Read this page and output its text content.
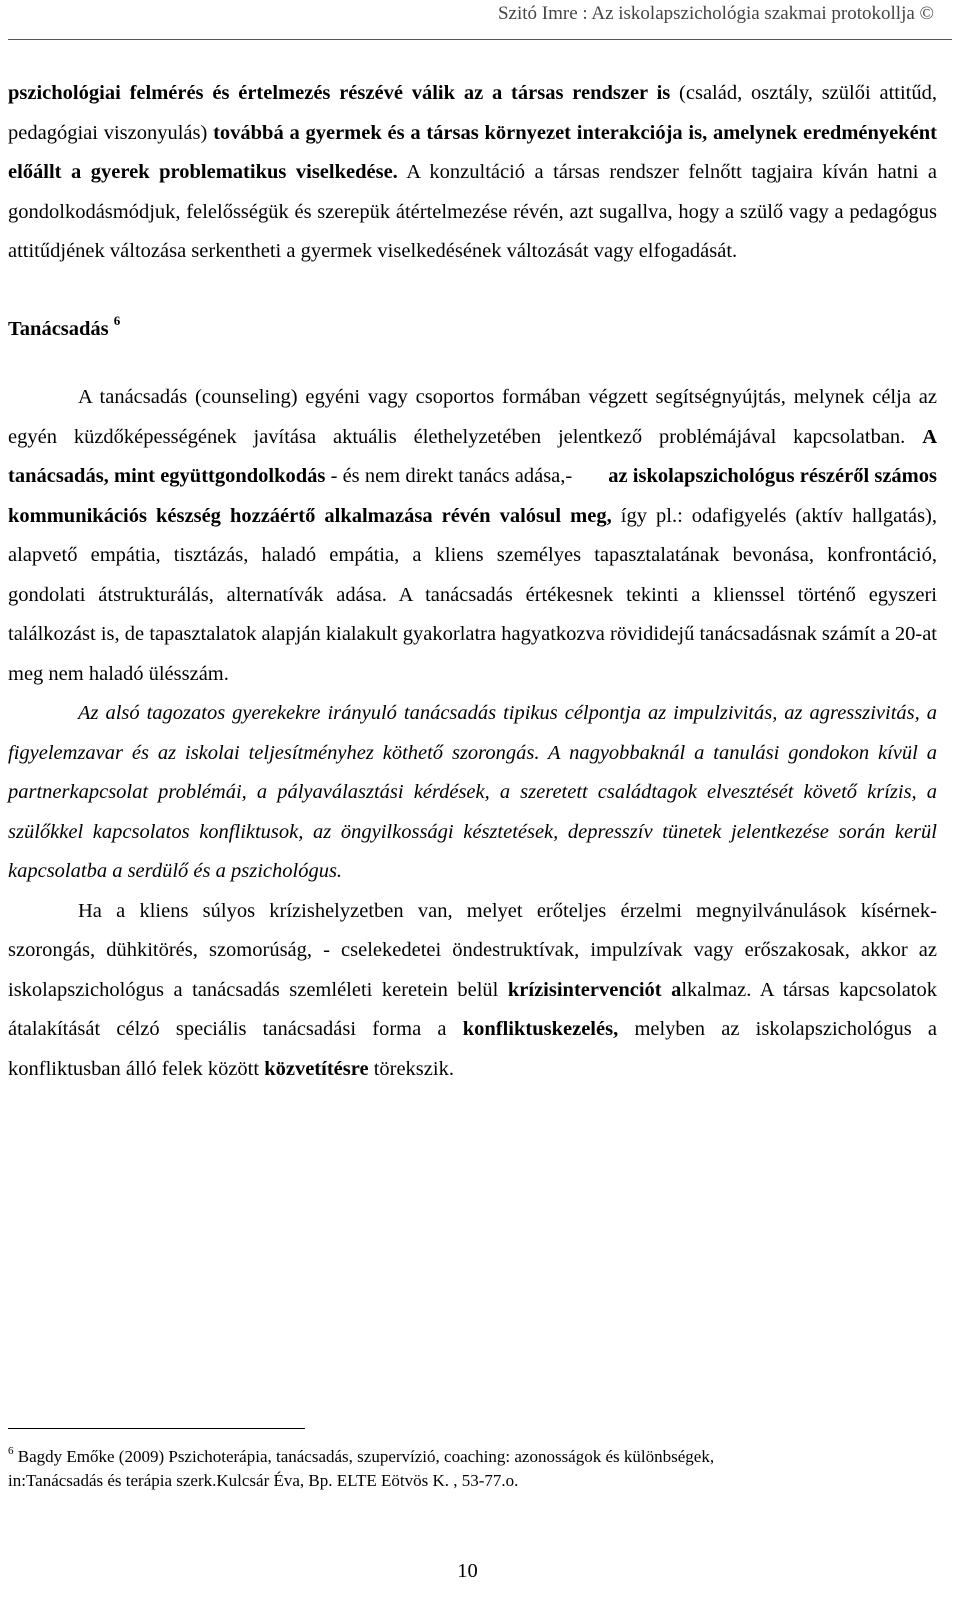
Szitó Imre : Az iskolapszichológia szakmai protokollja ©

pszichológiai felmérés és értelmezés részévé válik az a társas rendszer is (család, osztály, szülői attitűd, pedagógiai viszonyulás) továbbá a gyermek és a társas környezet interakciója is, amelynek eredményeként előállt a gyerek problematikus viselkedése. A konzultáció a társas rendszer felnőtt tagjaira kíván hatni a gondolkodásmódjuk, felelősségük és szerepük átértelmezése révén, azt sugallva, hogy a szülő vagy a pedagógus attitűdjének változása serkentheti a gyermek viselkedésének változását vagy elfogadását.

Tanácsadás $^6$

A tanácsadás (counseling) egyéni vagy csoportos formában végzett segítségnyújtás, melynek célja az egyén küzdőképességének javítása aktuális élethelyzetében jelentkező problémájával kapcsolatban. A tanácsadás, mint együttgondolkodás - és nem direkt tanács adása,- az iskolapszichológus részéről számos kommunikációs készség hozzáértő alkalmazása révén valósul meg, így pl.: odafigyelés (aktív hallgatás), alapvető empátia, tisztázás, haladó empátia, a kliens személyes tapasztalatának bevonása, konfrontáció, gondolati átstrukturálás, alternatívák adása. A tanácsadás értékesnek tekinti a klienssel történő egyszeri találkozást is, de tapasztalatok alapján kialakult gyakorlatra hagyatkozva rövididejű tanácsadásnak számít a 20-at meg nem haladó ülésszám.

Az alsó tagozatos gyerekekre irányuló tanácsadás tipikus célpontja az impulzivitás, az agresszivitás, a figyelemzavar és az iskolai teljesítményhez köthető szorongás. A nagyobbaknál a tanulási gondokon kívül a partnerkapcsolat problémái, a pályaválasztási kérdések, a szeretett családtagok elvesztését követő krízis, a szülőkkel kapcsolatos konfliktusok, az öngyilkossági késztetések, depresszív tünetek jelentkezése során kerül kapcsolatba a serdülő és a pszichológus.

Ha a kliens súlyos krízishelyzetben van, melyet erőteljes érzelmi megnyilvánulások kísérnek- szorongás, dühkitörés, szomorúság, - cselekedetei öndestruktívak, impulzívak vagy erőszakosak, akkor az iskolapszichológus a tanácsadás szemléleti keretein belül krízisintervenciót alkalmaz. A társas kapcsolatok átalakítását célzó speciális tanácsadási forma a konfliktuskezelés, melyben az iskolapszichológus a konfliktusban álló felek között közvetítésre törekszik.

$^6$ Bagdy Emőke (2009) Pszichoterápia, tanácsadás, szupervízió, coaching: azonosságok és különbségek,
in:Tanácsadás és terápia szerk.Kulcsár Éva, Bp. ELTE Eötvös K. , 53-77.o.
10
